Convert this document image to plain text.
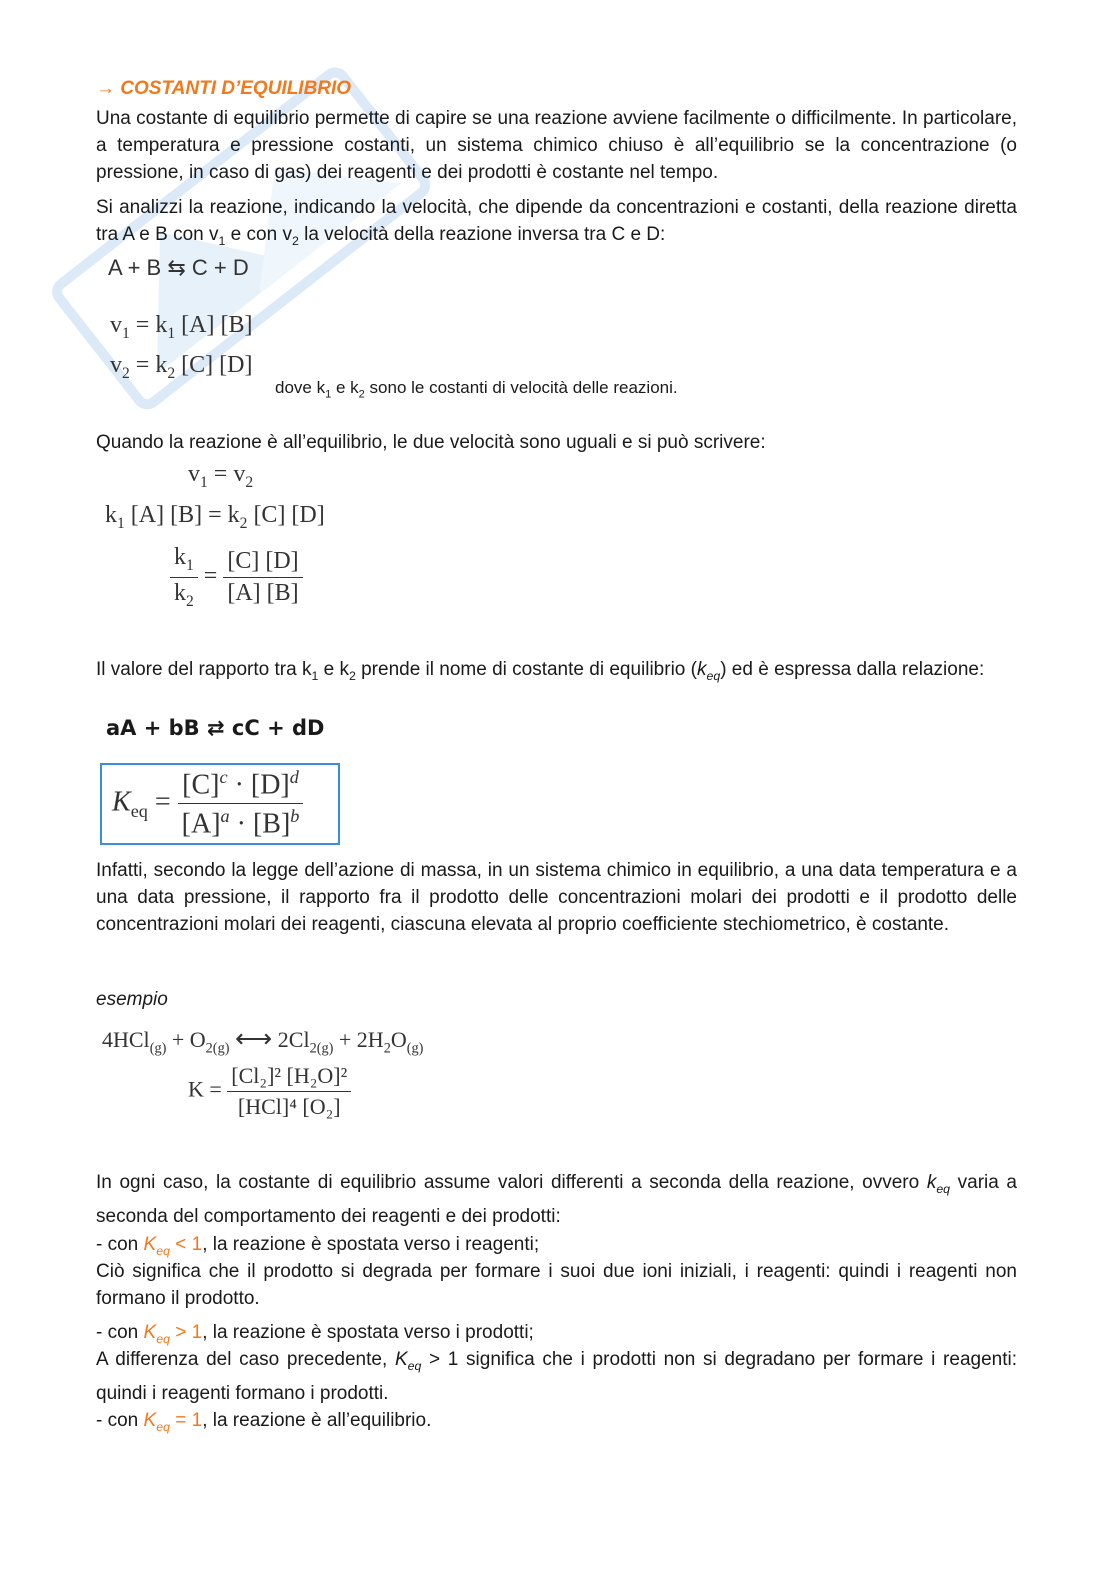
→ COSTANTI D’EQUILIBRIO
Una costante di equilibrio permette di capire se una reazione avviene facilmente o difficilmente. In particolare, a temperatura e pressione costanti, un sistema chimico chiuso è all’equilibrio se la concentrazione (o pressione, in caso di gas) dei reagenti e dei prodotti è costante nel tempo.
Si analizzi la reazione, indicando la velocità, che dipende da concentrazioni e costanti, della reazione diretta tra A e B con $v_1$ e con $v_2$ la velocità della reazione inversa tra C e D:
A + B ⇆ C + D
$v_1 = k_1$ [A] [B]
$v_2 = k_2$ [C] [D]
dove $k_1$ e $k_2$ sono le costanti di velocità delle reazioni.
Quando la reazione è all’equilibrio, le due velocità sono uguali e si può scrivere:
$v_1 = v_2$
$k_1$ [A] $[B] = k_2$ [C] [D]
$\frac{k_1}{k_2} = \frac{[C] [D]}{[A] [B]}$
Il valore del rapporto tra $k_1$ e $k_2$ prende il nome di costante di equilibrio $(k_{eq})$ ed è espressa dalla relazione:
aA + bB ⇄ cC + dD
$K_{eq} = \frac{[C]^c \cdot [D]^d}{[A]^a \cdot [B]^b}$
Infatti, secondo la legge dell’azione di massa, in un sistema chimico in equilibrio, a una data temperatura e a una data pressione, il rapporto fra il prodotto delle concentrazioni molari dei prodotti e il prodotto delle concentrazioni molari dei reagenti, ciascuna elevata al proprio coefficiente stechiometrico, è costante.
esempio
$4HCl_{(g)} + O_{2(g)}$ ⟷ $2Cl_{2(g)} + 2H_2O_{(g)}$
$K = \frac{\text{[Cl₂]² [H₂O]²}}{\text{[HCl]⁴ [O₂]}}$
In ogni caso, la costante di equilibrio assume valori differenti a seconda della reazione, ovvero $k_{eq}$ varia a seconda del comportamento dei reagenti e dei prodotti:
- con $K_{eq} < 1$, la reazione è spostata verso i reagenti;
Ciò significa che il prodotto si degrada per formare i suoi due ioni iniziali, i reagenti: quindi i reagenti non formano il prodotto.
- con $K_{eq} > 1$, la reazione è spostata verso i prodotti;
A differenza del caso precedente, $K_{eq} > 1$ significa che i prodotti non si degradano per formare i reagenti: quindi i reagenti formano i prodotti.
- con $K_{eq} = 1$, la reazione è all’equilibrio.
